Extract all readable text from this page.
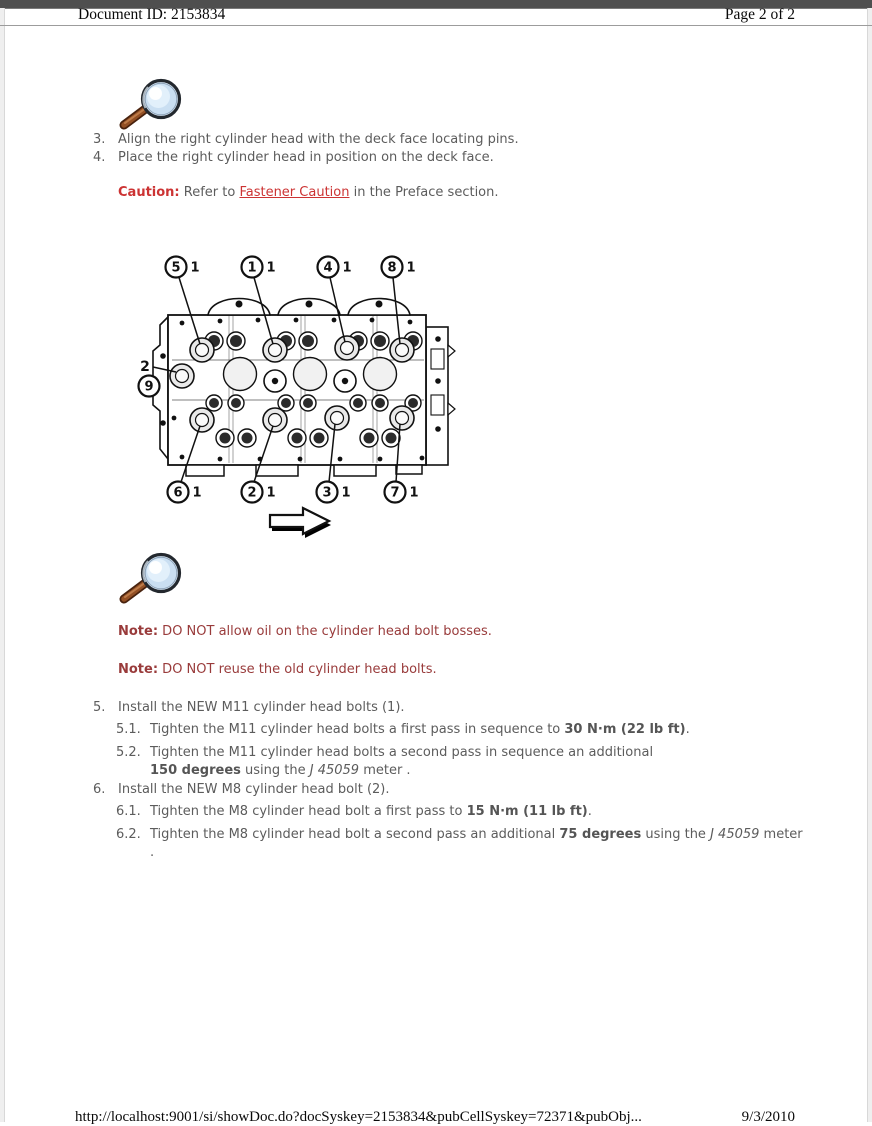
Document ID: 2153834	Page 2 of 2
3. Align the right cylinder head with the deck face locating pins.
4. Place the right cylinder head in position on the deck face.
Caution: Refer to Fastener Caution in the Preface section.
5 1	1 1	4 1	8 1
2
9
6 1	2 1	3 1	7 1
Note: DO NOT allow oil on the cylinder head bolt bosses.
Note: DO NOT reuse the old cylinder head bolts.
5. Install the NEW M11 cylinder head bolts (1).
5.1. Tighten the M11 cylinder head bolts a first pass in sequence to 30 N·m (22 lb ft).
5.2. Tighten the M11 cylinder head bolts a second pass in sequence an additional
150 degrees using the J 45059 meter .
6. Install the NEW M8 cylinder head bolt (2).
6.1. Tighten the M8 cylinder head bolt a first pass to 15 N·m (11 lb ft).
6.2. Tighten the M8 cylinder head bolt a second pass an additional 75 degrees using the J 45059 meter .
http://localhost:9001/si/showDoc.do?docSyskey=2153834&pubCellSyskey=72371&pubObj...	9/3/2010
